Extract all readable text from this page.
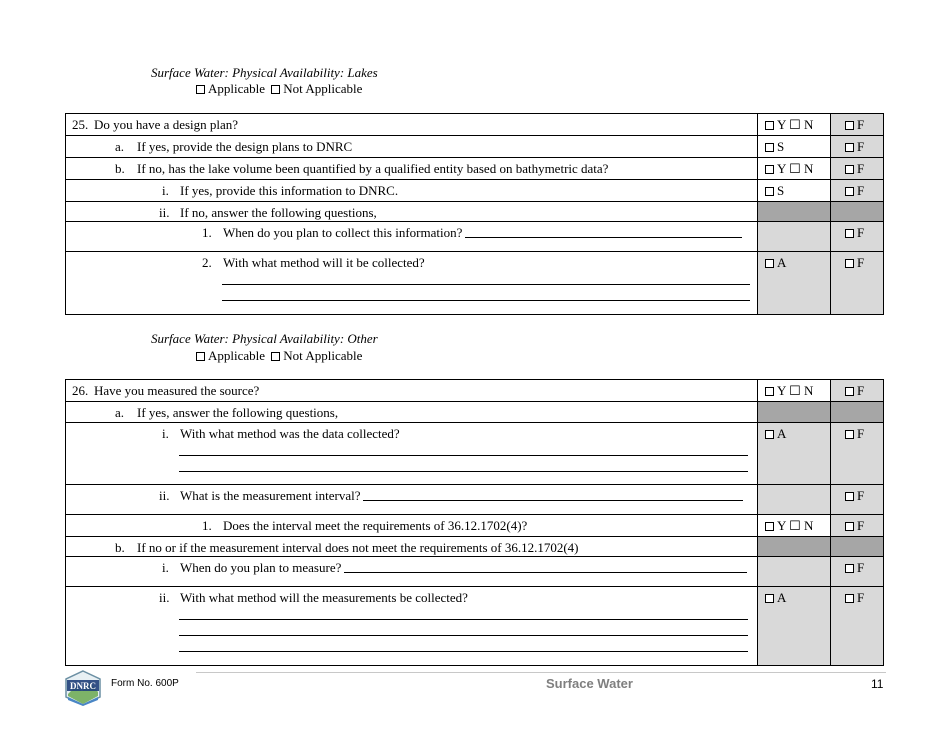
Surface Water: Physical Availability: Lakes
Applicable Not Applicable
25. Do you have a design plan?	Y ☐ N	F

a. If yes, provide the design plans to DNRC	S	F

b. If no, has the lake volume been quantified by a qualified entity based on bathymetric data?	Y ☐ N	F

i. If yes, provide this information to DNRC.	S	F

ii. If no, answer the following questions,		

1. When do you plan to collect this information?		F

2. With what method will it be collected?	A	F
Surface Water: Physical Availability: Other
Applicable Not Applicable
26. Have you measured the source?	Y ☐ N	F

a. If yes, answer the following questions,		

i. With what method was the data collected?	A	F

ii. What is the measurement interval?		F

1. Does the interval meet the requirements of 36.12.1702(4)?	Y ☐ N	F

b. If no or if the measurement interval does not meet the requirements of 36.12.1702(4)		

i. When do you plan to measure?		F

ii. With what method will the measurements be collected?	A	F
DNRC Form No. 600P	Surface Water	11
